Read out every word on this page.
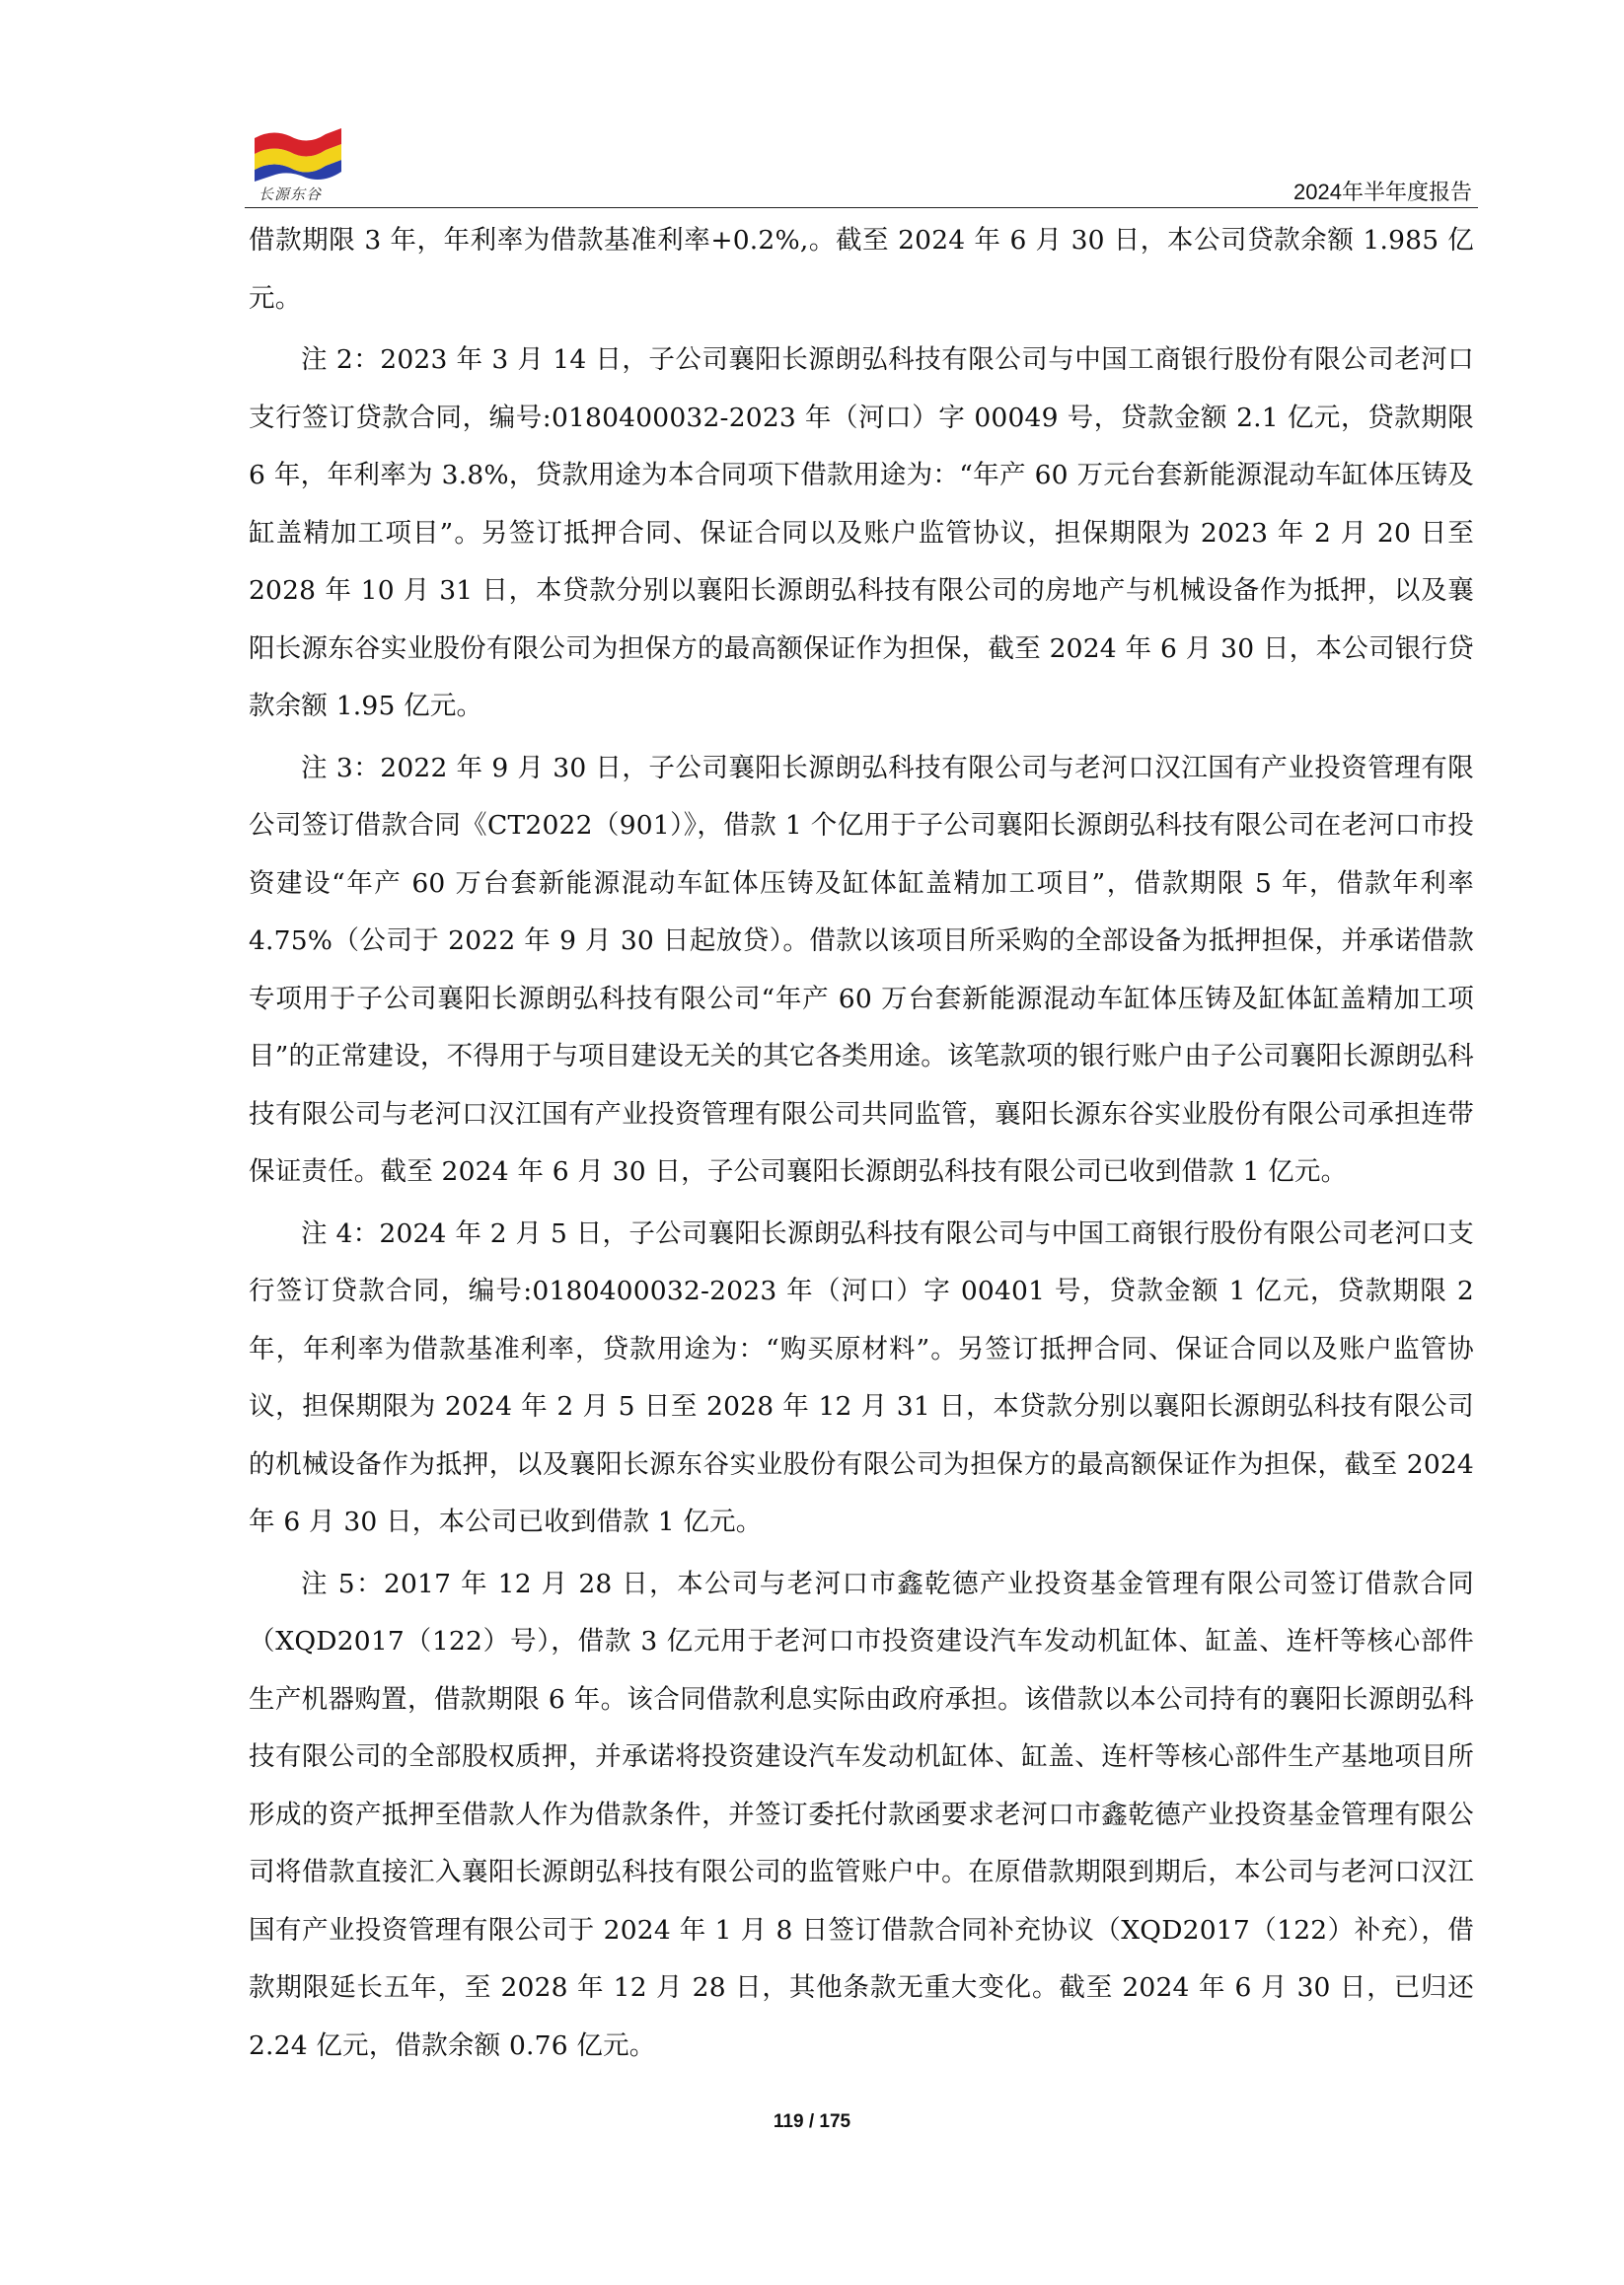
长源东谷	2024年半年度报告

借款期限 3 年，年利率为借款基准利率+0.2%,。截至 2024 年 6 月 30 日，本公司贷款余额 1.985 亿元。

注 2：2023 年 3 月 14 日，子公司襄阳长源朗弘科技有限公司与中国工商银行股份有限公司老河口支行签订贷款合同，编号:0180400032-2023 年（河口）字 00049 号，贷款金额 2.1 亿元，贷款期限 6 年，年利率为 3.8%，贷款用途为本合同项下借款用途为：“年产 60 万元台套新能源混动车缸体压铸及缸盖精加工项目”。另签订抵押合同、保证合同以及账户监管协议，担保期限为 2023 年 2 月 20 日至 2028 年 10 月 31 日，本贷款分别以襄阳长源朗弘科技有限公司的房地产与机械设备作为抵押，以及襄阳长源东谷实业股份有限公司为担保方的最高额保证作为担保，截至 2024 年 6 月 30 日，本公司银行贷款余额 1.95 亿元。

注 3：2022 年 9 月 30 日，子公司襄阳长源朗弘科技有限公司与老河口汉江国有产业投资管理有限公司签订借款合同《CT2022（901）》，借款 1 个亿用于子公司襄阳长源朗弘科技有限公司在老河口市投资建设“年产 60 万台套新能源混动车缸体压铸及缸体缸盖精加工项目”，借款期限 5 年，借款年利率 4.75%（公司于 2022 年 9 月 30 日起放贷）。借款以该项目所采购的全部设备为抵押担保，并承诺借款专项用于子公司襄阳长源朗弘科技有限公司“年产 60 万台套新能源混动车缸体压铸及缸体缸盖精加工项目”的正常建设，不得用于与项目建设无关的其它各类用途。该笔款项的银行账户由子公司襄阳长源朗弘科技有限公司与老河口汉江国有产业投资管理有限公司共同监管，襄阳长源东谷实业股份有限公司承担连带保证责任。截至 2024 年 6 月 30 日，子公司襄阳长源朗弘科技有限公司已收到借款 1 亿元。

注 4：2024 年 2 月 5 日，子公司襄阳长源朗弘科技有限公司与中国工商银行股份有限公司老河口支行签订贷款合同，编号:0180400032-2023 年（河口）字 00401 号，贷款金额 1 亿元，贷款期限 2 年，年利率为借款基准利率，贷款用途为：“购买原材料”。另签订抵押合同、保证合同以及账户监管协议，担保期限为 2024 年 2 月 5 日至 2028 年 12 月 31 日，本贷款分别以襄阳长源朗弘科技有限公司的机械设备作为抵押，以及襄阳长源东谷实业股份有限公司为担保方的最高额保证作为担保，截至 2024 年 6 月 30 日，本公司已收到借款 1 亿元。

注 5：2017 年 12 月 28 日，本公司与老河口市鑫乾德产业投资基金管理有限公司签订借款合同（XQD2017（122）号），借款 3 亿元用于老河口市投资建设汽车发动机缸体、缸盖、连杆等核心部件生产机器购置，借款期限 6 年。该合同借款利息实际由政府承担。该借款以本公司持有的襄阳长源朗弘科技有限公司的全部股权质押，并承诺将投资建设汽车发动机缸体、缸盖、连杆等核心部件生产基地项目所形成的资产抵押至借款人作为借款条件，并签订委托付款函要求老河口市鑫乾德产业投资基金管理有限公司将借款直接汇入襄阳长源朗弘科技有限公司的监管账户中。在原借款期限到期后，本公司与老河口汉江国有产业投资管理有限公司于 2024 年 1 月 8 日签订借款合同补充协议（XQD2017（122）补充），借款期限延长五年，至 2028 年 12 月 28 日，其他条款无重大变化。截至 2024 年 6 月 30 日，已归还 2.24 亿元，借款余额 0.76 亿元。

119 / 175
